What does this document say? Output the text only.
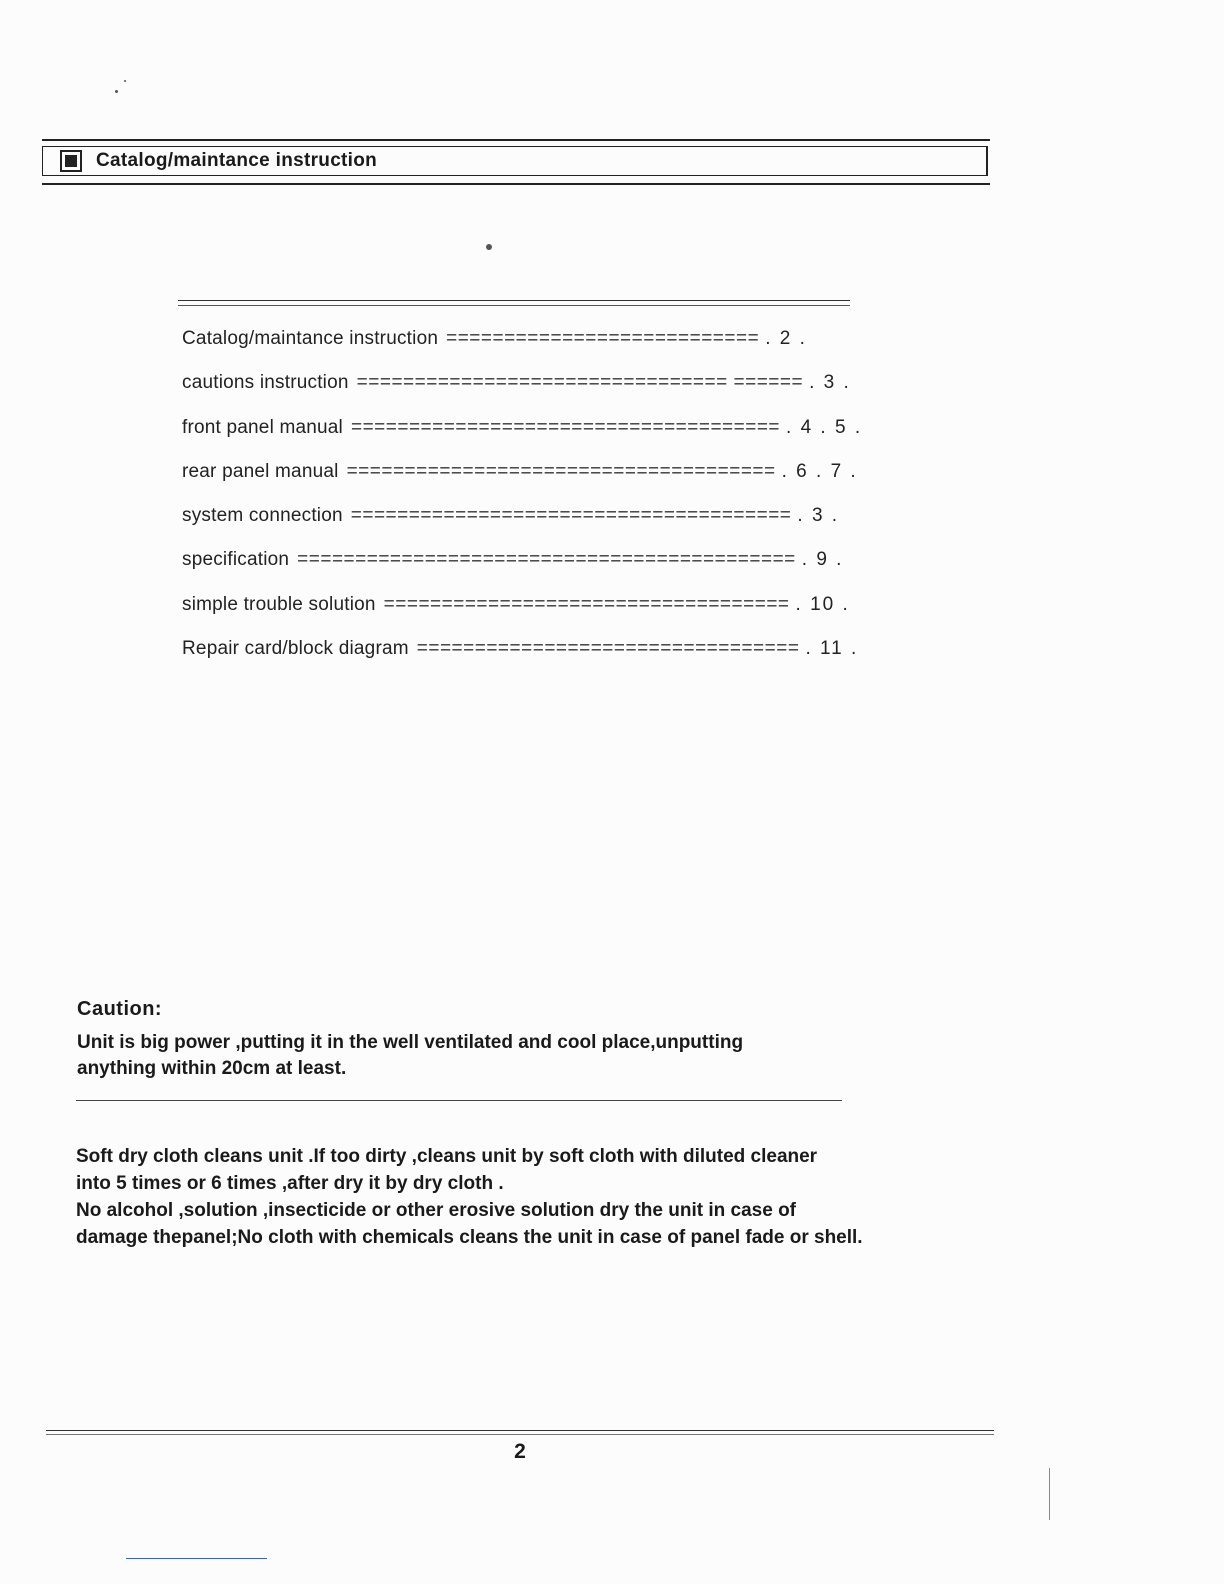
Catalog/maintance instruction
Catalog/maintance instruction =========================== . 2 .
cautions instruction ================================ ====== . 3 .
front panel manual ===================================== . 4 . 5 .
rear panel manual ===================================== . 6 . 7 .
system connection ====================================== . 3 .
specification =========================================== . 9 .
simple trouble solution =================================== . 10 .
Repair card/block diagram ================================= . 11 .
Caution:
Unit is big power ,putting it in the well ventilated and cool place,unputting
anything within 20cm at least.
Soft dry cloth cleans unit .If too dirty ,cleans unit by soft cloth with diluted cleaner
into 5 times or 6 times ,after dry it by dry cloth .
No alcohol ,solution ,insecticide or other erosive solution dry the unit in case of
damage thepanel;No cloth with chemicals cleans the unit in case of panel fade or shell.
2
